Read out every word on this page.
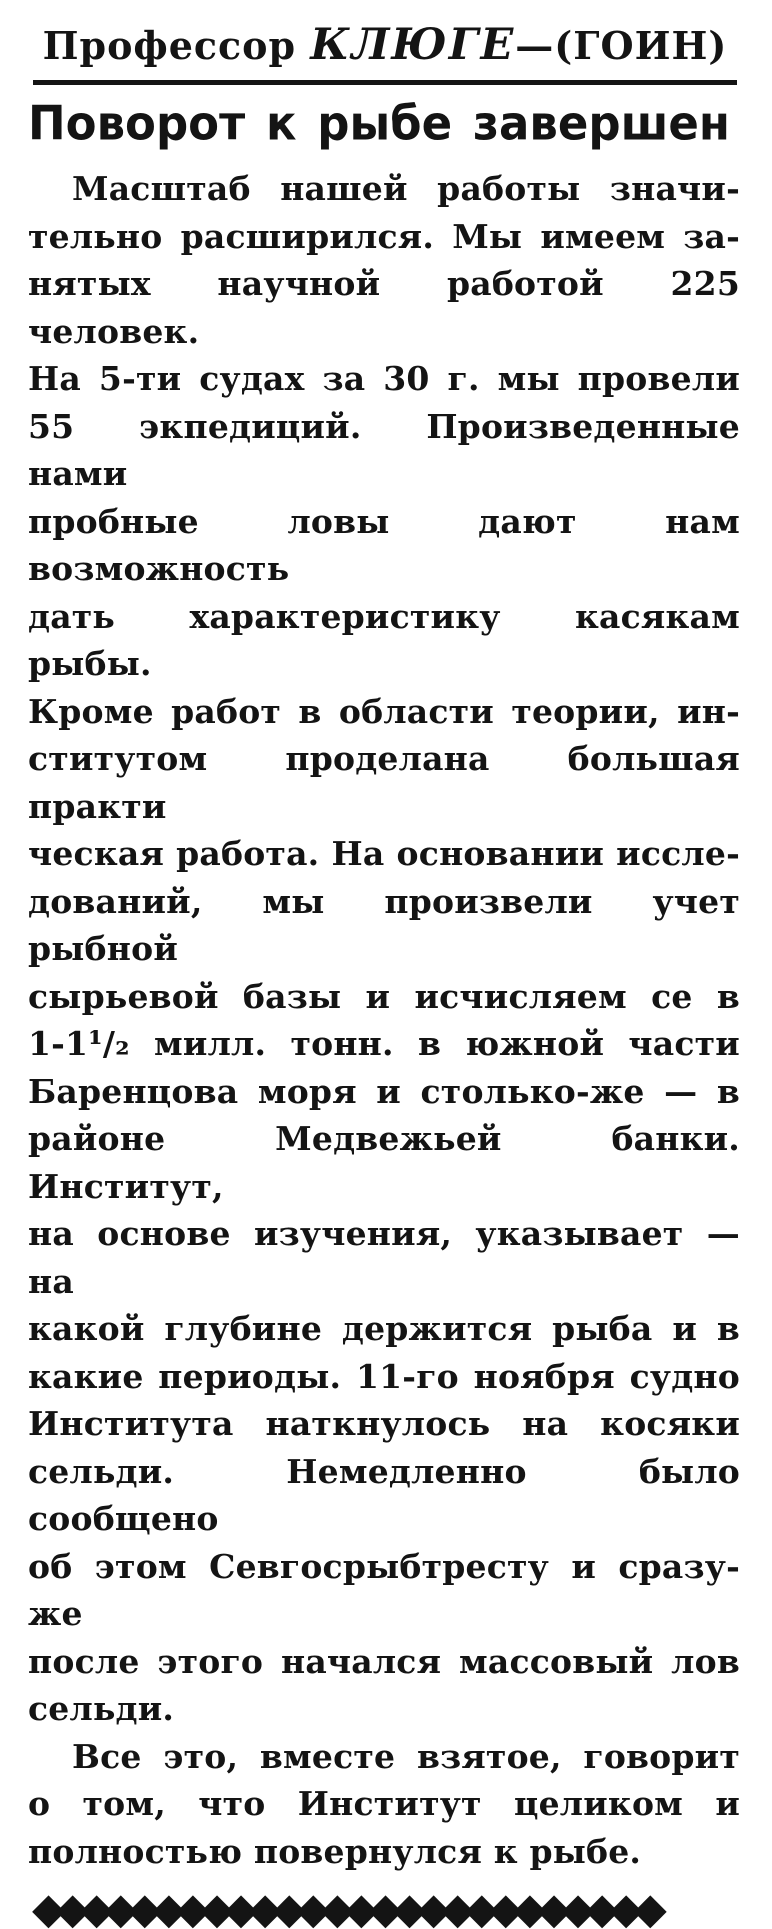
Профессор КЛЮГЕ—(ГОИН)
Поворот к рыбе завершен
Масштаб нашей работы значи-
тельно расширился. Мы имеем за-
нятых научной работой 225 человек.
На 5-ти судах за 30 г. мы провели
55 экпедиций. Произведенные нами
пробные ловы дают нам возможность
дать характеристику касякам рыбы.
Кроме работ в области теории, ин-
ститутом проделана большая практи
ческая работа. На основании иссле-
дований, мы произвели учет рыбной
сырьевой базы и исчисляем се в
1-1¹/₂ милл. тонн. в южной части
Баренцова моря и столько-же — в
районе Медвежьей банки. Институт,
на основе изучения, указывает — на
какой глубине держится рыба и в
какие периоды. 11-го ноября судно
Института наткнулось на косяки
сельди. Немедленно было сообщено
об этом Севгосрыбтресту и сразу-же
после этого начался массовый лов
сельди.
Все это, вместе взятое, говорит
о том, что Институт целиком и
полностью повернулся к рыбе.
◆◆◆◆◆◆◆◆◆◆◆◆◆◆◆◆◆◆◆◆◆◆◆◆◆◆
